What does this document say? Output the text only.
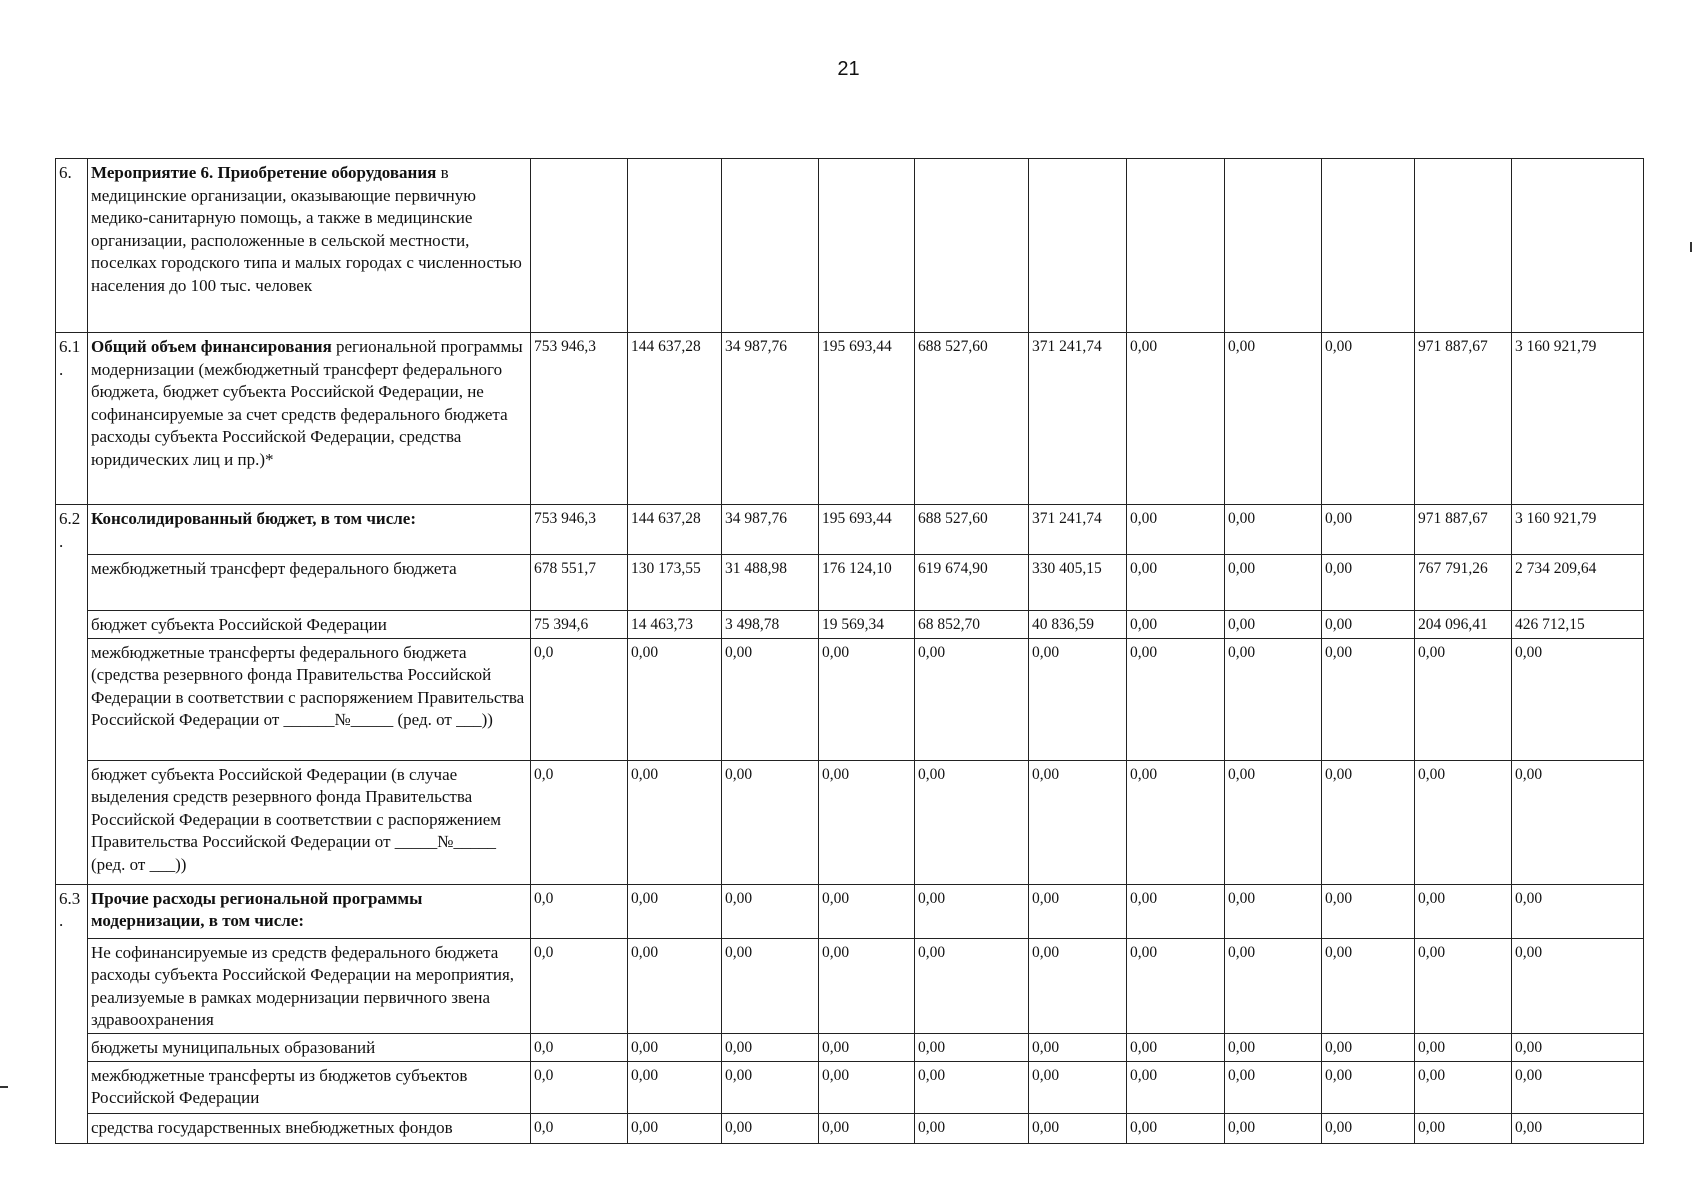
21
6.	Мероприятие 6. Приобретение оборудования в медицинские организации, оказывающие первичную медико-санитарную помощь, а также в медицинские организации, расположенные в сельской местности, поселках городского типа и малых городах с численностью населения до 100 тыс. человек											
6.1.	Общий объем финансирования региональной программы модернизации (межбюджетный трансферт федерального бюджета, бюджет субъекта Российской Федерации, не софинансируемые за счет средств федерального бюджета расходы субъекта Российской Федерации, средства юридических лиц и пр.)*	753 946,3	144 637,28	34 987,76	195 693,44	688 527,60	371 241,74	0,00	0,00	0,00	971 887,67	3 160 921,79
6.2.	Консолидированный бюджет, в том числе:	753 946,3	144 637,28	34 987,76	195 693,44	688 527,60	371 241,74	0,00	0,00	0,00	971 887,67	3 160 921,79
	межбюджетный трансферт федерального бюджета	678 551,7	130 173,55	31 488,98	176 124,10	619 674,90	330 405,15	0,00	0,00	0,00	767 791,26	2 734 209,64
	бюджет субъекта Российской Федерации	75 394,6	14 463,73	3 498,78	19 569,34	68 852,70	40 836,59	0,00	0,00	0,00	204 096,41	426 712,15
	межбюджетные трансферты федерального бюджета (средства резервного фонда Правительства Российской Федерации в соответствии с распоряжением Правительства Российской Федерации от ______№_____ (ред. от ___))	0,0	0,00	0,00	0,00	0,00	0,00	0,00	0,00	0,00	0,00	0,00
	бюджет субъекта Российской Федерации (в случае выделения средств резервного фонда Правительства Российской Федерации в соответствии с распоряжением Правительства Российской Федерации от _____№_____ (ред. от ___))	0,0	0,00	0,00	0,00	0,00	0,00	0,00	0,00	0,00	0,00	0,00
6.3.	Прочие расходы региональной программы модернизации, в том числе:	0,0	0,00	0,00	0,00	0,00	0,00	0,00	0,00	0,00	0,00	0,00
	Не софинансируемые из средств федерального бюджета расходы субъекта Российской Федерации на мероприятия, реализуемые в рамках модернизации первичного звена здравоохранения	0,0	0,00	0,00	0,00	0,00	0,00	0,00	0,00	0,00	0,00	0,00
	бюджеты муниципальных образований	0,0	0,00	0,00	0,00	0,00	0,00	0,00	0,00	0,00	0,00	0,00
	межбюджетные трансферты из бюджетов субъектов Российской Федерации	0,0	0,00	0,00	0,00	0,00	0,00	0,00	0,00	0,00	0,00	0,00
	средства государственных внебюджетных фондов	0,0	0,00	0,00	0,00	0,00	0,00	0,00	0,00	0,00	0,00	0,00
